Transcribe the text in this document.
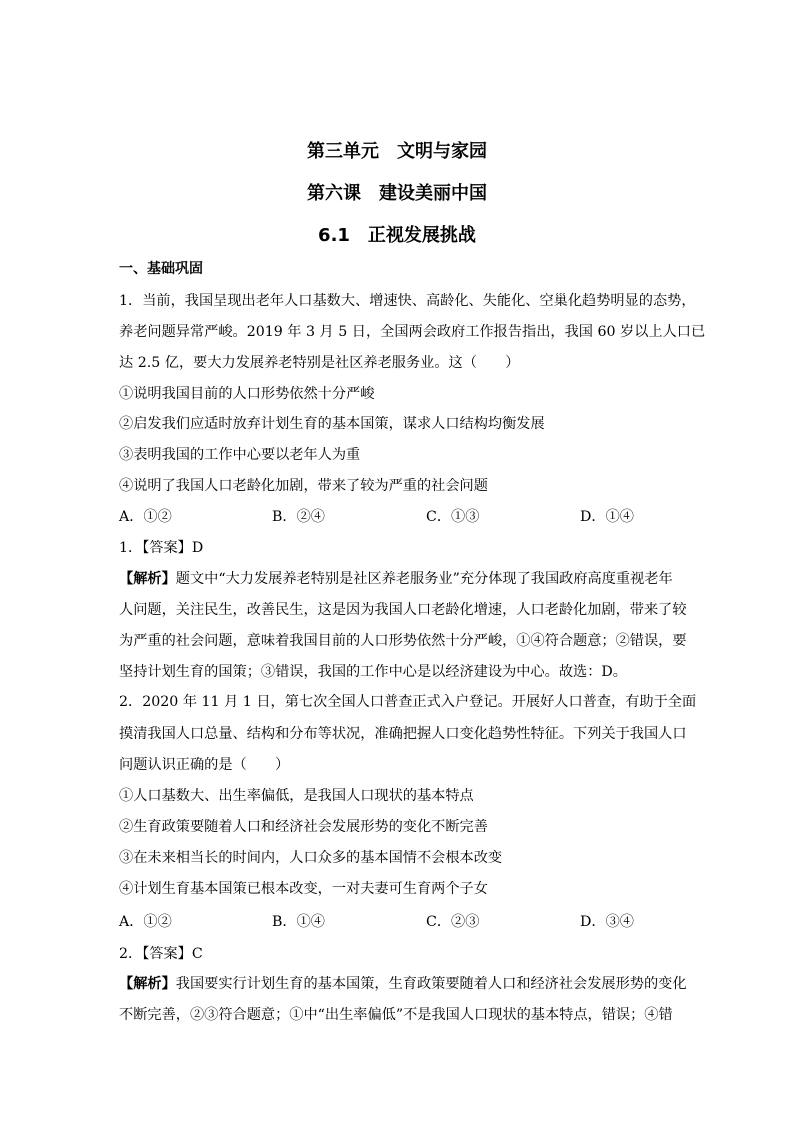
第三单元　文明与家园
第六课　建设美丽中国
6.1　正视发展挑战
一、基础巩固
1．当前，我国呈现出老年人口基数大、增速快、高龄化、失能化、空巢化趋势明显的态势，
养老问题异常严峻。2019 年 3 月 5 日，全国两会政府工作报告指出，我国 60 岁以上人口已
达 2.5 亿，要大力发展养老特别是社区养老服务业。这（　　）
①说明我国目前的人口形势依然十分严峻
②启发我们应适时放弃计划生育的基本国策，谋求人口结构均衡发展
③表明我国的工作中心要以老年人为重
④说明了我国人口老龄化加剧，带来了较为严重的社会问题
A．①②	B．②④	C．①③	D．①④
1．【答案】D
【解析】题文中“大力发展养老特别是社区养老服务业”充分体现了我国政府高度重视老年
人问题，关注民生，改善民生，这是因为我国人口老龄化增速，人口老龄化加剧，带来了较
为严重的社会问题，意味着我国目前的人口形势依然十分严峻，①④符合题意；②错误，要
坚持计划生育的国策；③错误，我国的工作中心是以经济建设为中心。故选：D。
2．2020 年 11 月 1 日，第七次全国人口普查正式入户登记。开展好人口普查，有助于全面
摸清我国人口总量、结构和分布等状况，准确把握人口变化趋势性特征。下列关于我国人口
问题认识正确的是（　　）
①人口基数大、出生率偏低，是我国人口现状的基本特点
②生育政策要随着人口和经济社会发展形势的变化不断完善
③在未来相当长的时间内，人口众多的基本国情不会根本改变
④计划生育基本国策已根本改变，一对夫妻可生育两个子女
A．①②	B．①④	C．②③	D．③④
2．【答案】C
【解析】我国要实行计划生育的基本国策，生育政策要随着人口和经济社会发展形势的变化
不断完善，②③符合题意；①中“出生率偏低”不是我国人口现状的基本特点，错误；④错
